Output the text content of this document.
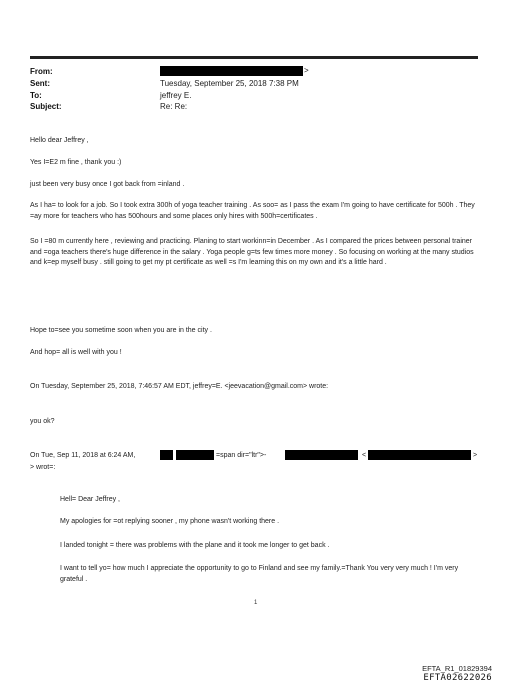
From:	>
Sent:	Tuesday, September 25, 2018 7:38 PM
To:	jeffrey E.
Subject:	Re: Re:
Hello dear Jeffrey ,
Yes I=E2 m fine , thank you :)
just been very busy once I got back from =inland .
As I ha= to look for a job. So I took extra 300h of yoga teacher training . As soo= as I pass the exam I'm going to have certificate for 500h . They =ay more for teachers who has 500hours and some places only hires with 500h=certificates .
So I =80 m currently here , reviewing and practicing. Planing to start workinn=in December . As I compared the prices between personal trainer and =oga teachers there's huge difference in the salary . Yoga people g=ts few times more money . So focusing on working at the many studios and k=ep myself busy . still going to get my pt certificate as well =s I'm learning this on my own and it's a little hard .
Hope to=see you sometime soon when you are in the city .
And hop= all is well with you !
On Tuesday, September 25, 2018, 7:46:57 AM EDT, jeffrey=E. <jeevacation@gmail.com> wrote:
you ok?
On Tue, Sep 11, 2018 at 6:24 AM,	=span dir="ltr">-	<	>
> wrot=:
Hell= Dear Jeffrey ,
My apologies for =ot replying sooner , my phone wasn't working there .
I landed tonight = there was problems with the plane and it took me longer to get back .
I want to tell yo= how much I appreciate the opportunity to go to Finland and see my family.=Thank You very very much ! I'm very grateful .
1
EFTA_R1_01829394
EFTA02622026
